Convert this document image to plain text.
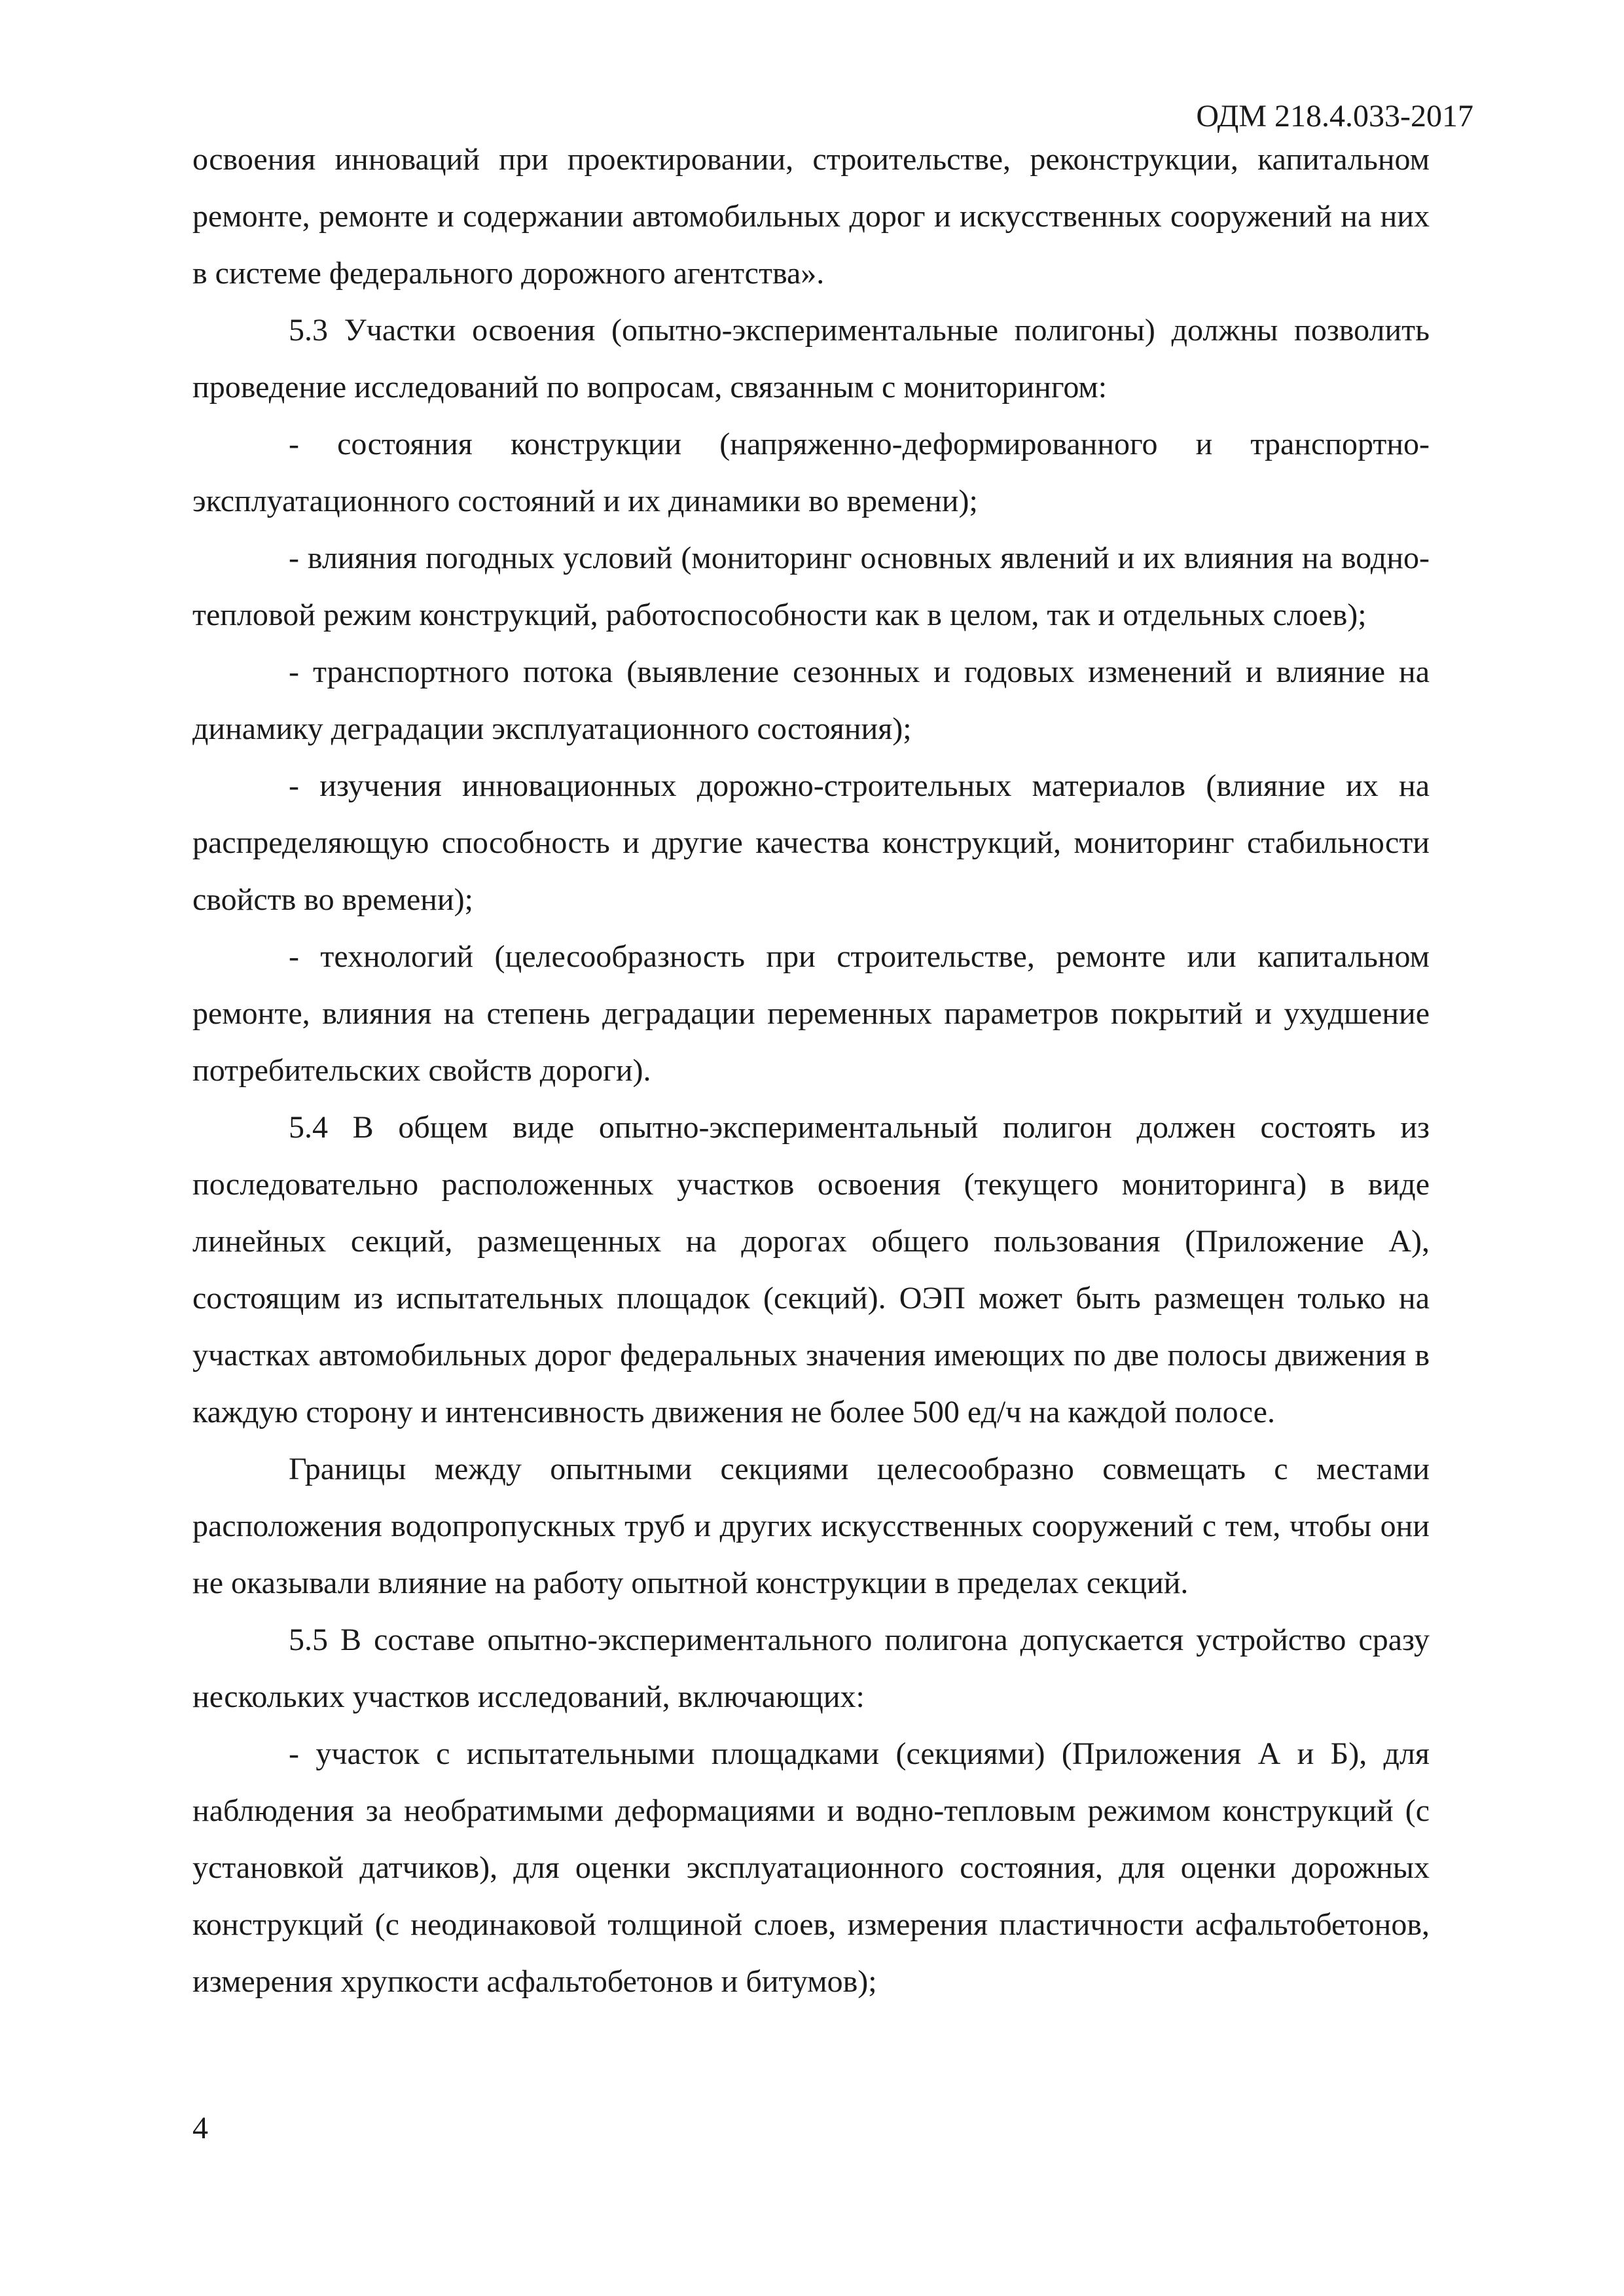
ОДМ 218.4.033-2017

освоения инноваций при проектировании, строительстве, реконструкции, капитальном ремонте, ремонте и содержании автомобильных дорог и искусственных сооружений на них в системе федерального дорожного агентства».

5.3 Участки освоения (опытно-экспериментальные полигоны) должны позволить проведение исследований по вопросам, связанным с мониторингом:

- состояния конструкции (напряженно-деформированного и транспортно-эксплуатационного состояний и их динамики во времени);

- влияния погодных условий (мониторинг основных явлений и их влияния на водно-тепловой режим конструкций, работоспособности как в целом, так и отдельных слоев);

- транспортного потока (выявление сезонных и годовых изменений и влияние на динамику деградации эксплуатационного состояния);

- изучения инновационных дорожно-строительных материалов (влияние их на распределяющую способность и другие качества конструкций, мониторинг стабильности свойств во времени);

- технологий (целесообразность при строительстве, ремонте или капитальном ремонте, влияния на степень деградации переменных параметров покрытий и ухудшение потребительских свойств дороги).

5.4 В общем виде опытно-экспериментальный полигон должен состоять из последовательно расположенных участков освоения (текущего мониторинга) в виде линейных секций, размещенных на дорогах общего пользования (Приложение А), состоящим из испытательных площадок (секций). ОЭП может быть размещен только на участках автомобильных дорог федеральных значения имеющих по две полосы движения в каждую сторону и интенсивность движения не более 500 ед/ч на каждой полосе.

Границы между опытными секциями целесообразно совмещать с местами расположения водопропускных труб и других искусственных сооружений с тем, чтобы они не оказывали влияние на работу опытной конструкции в пределах секций.

5.5 В составе опытно-экспериментального полигона допускается устройство сразу нескольких участков исследований, включающих:

- участок с испытательными площадками (секциями) (Приложения А и Б), для наблюдения за необратимыми деформациями и водно-тепловым режимом конструкций (с установкой датчиков), для оценки эксплуатационного состояния, для оценки дорожных конструкций (с неодинаковой толщиной слоев, измерения пластичности асфальтобетонов, измерения хрупкости асфальтобетонов и битумов);

4
